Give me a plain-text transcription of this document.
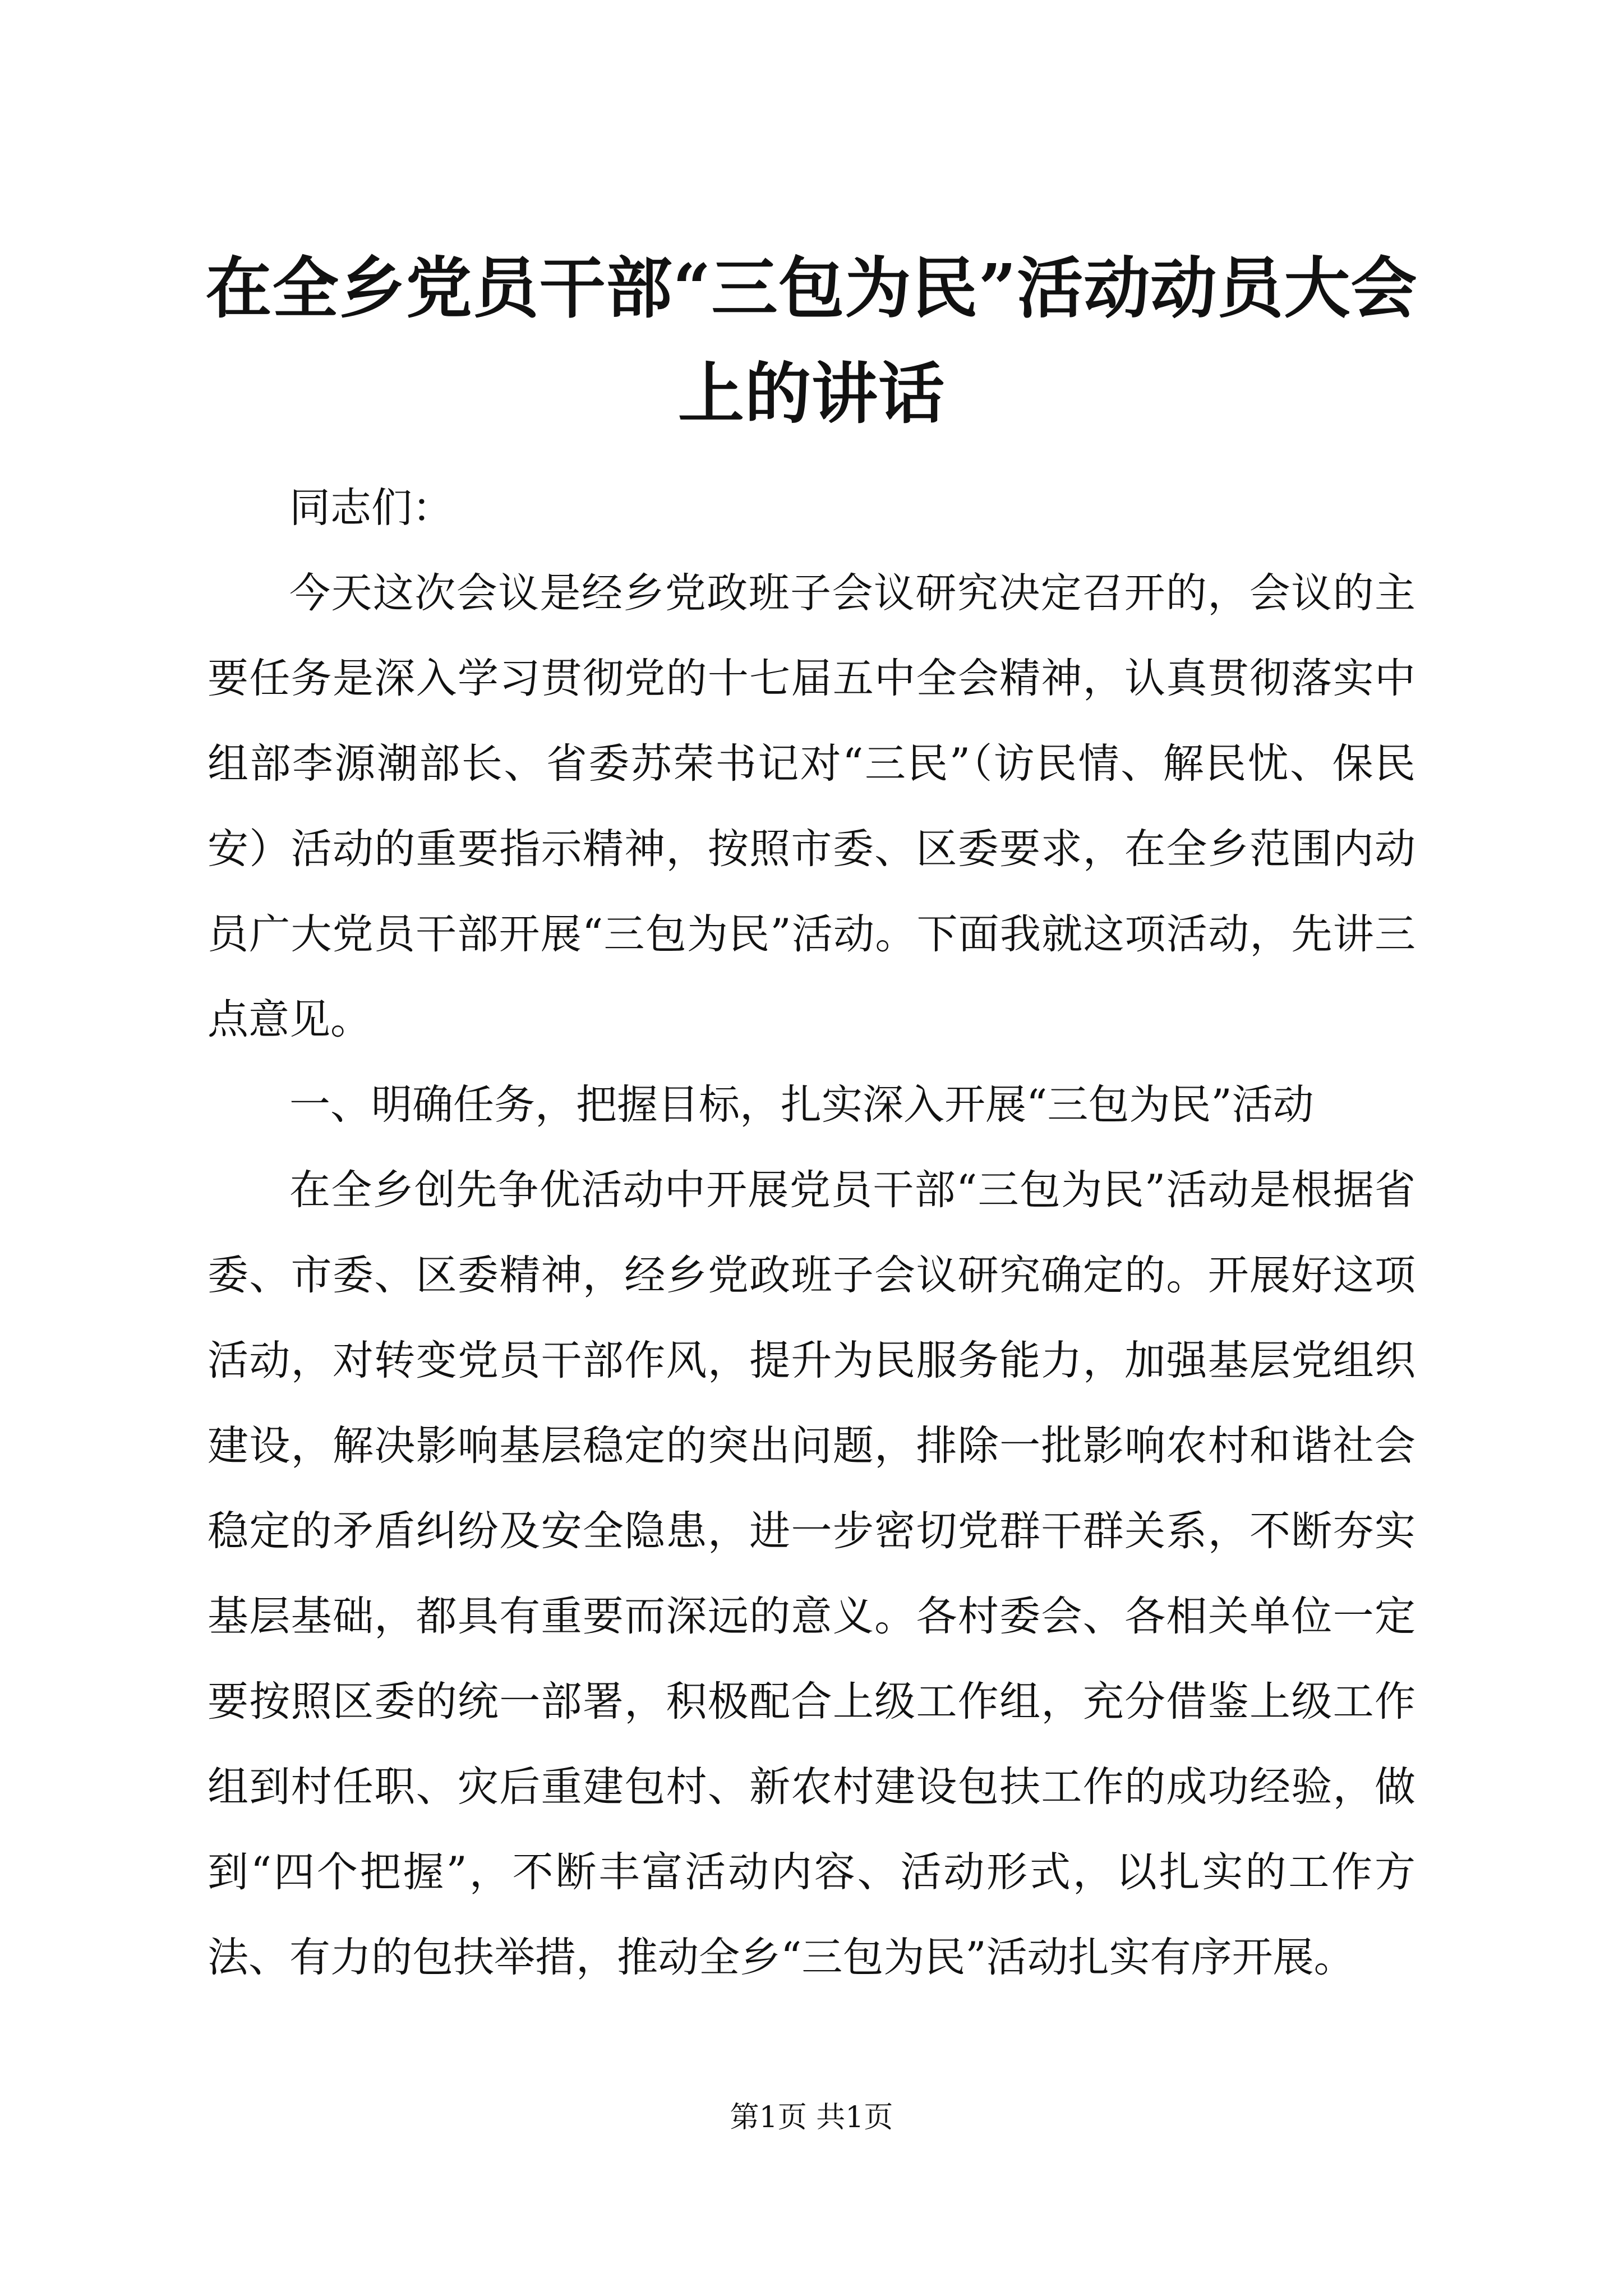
在全乡党员干部“三包为民”活动动员大会上的讲话

同志们：

今天这次会议是经乡党政班子会议研究决定召开的，会议的主要任务是深入学习贯彻党的十七届五中全会精神，认真贯彻落实中组部李源潮部长、省委苏荣书记对“三民”（访民情、解民忧、保民安）活动的重要指示精神，按照市委、区委要求，在全乡范围内动员广大党员干部开展“三包为民”活动。下面我就这项活动，先讲三点意见。

一、明确任务，把握目标，扎实深入开展“三包为民”活动

在全乡创先争优活动中开展党员干部“三包为民”活动是根据省委、市委、区委精神，经乡党政班子会议研究确定的。开展好这项活动，对转变党员干部作风，提升为民服务能力，加强基层党组织建设，解决影响基层稳定的突出问题，排除一批影响农村和谐社会稳定的矛盾纠纷及安全隐患，进一步密切党群干群关系，不断夯实基层基础，都具有重要而深远的意义。各村委会、各相关单位一定要按照区委的统一部署，积极配合上级工作组，充分借鉴上级工作组到村任职、灾后重建包村、新农村建设包扶工作的成功经验，做到“四个把握”，不断丰富活动内容、活动形式，以扎实的工作方法、有力的包扶举措，推动全乡“三包为民”活动扎实有序开展。

第1页 共1页
